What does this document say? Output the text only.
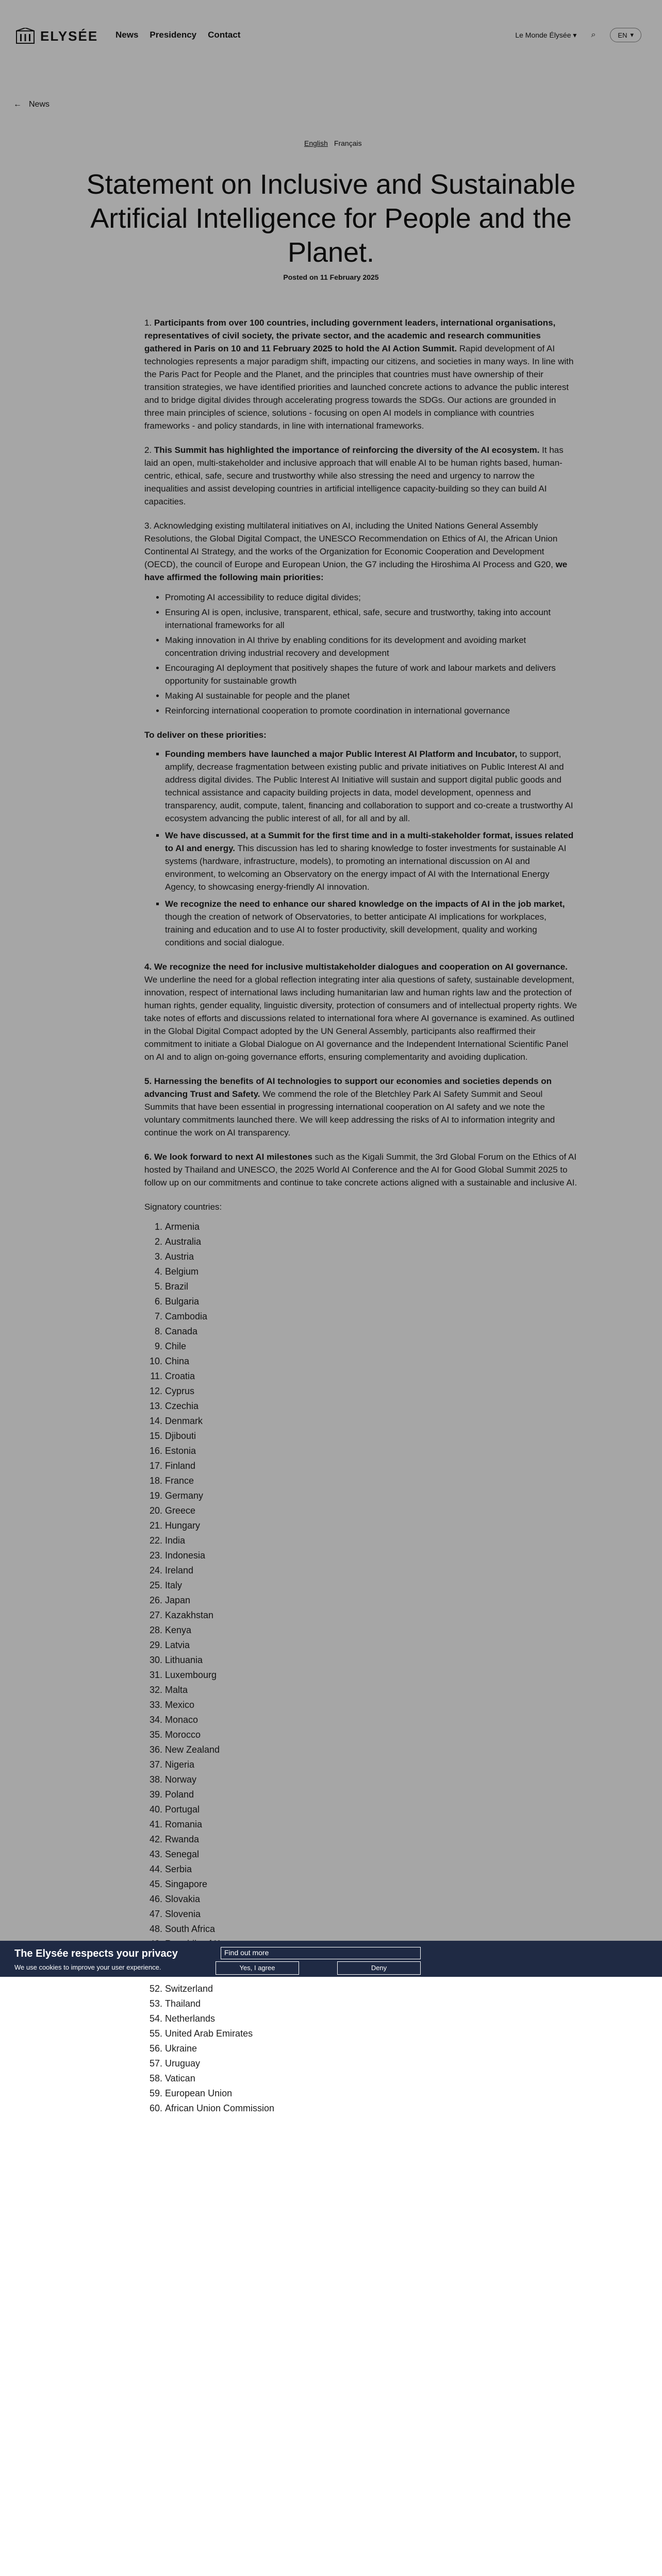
ELYSÉE News Presidency Contact	Le Monde Élysée ▾ ⌕	EN ▾
← News
English Français
Statement on Inclusive and Sustainable Artificial Intelligence for People and the Planet.
Posted on 11 February 2025

1. Participants from over 100 countries, including government leaders, international organisations, representatives of civil society, the private sector, and the academic and research communities gathered in Paris on 10 and 11 February 2025 to hold the AI Action Summit. Rapid development of AI technologies represents a major paradigm shift, impacting our citizens, and societies in many ways. In line with the Paris Pact for People and the Planet, and the principles that countries must have ownership of their transition strategies, we have identified priorities and launched concrete actions to advance the public interest and to bridge digital divides through accelerating progress towards the SDGs. Our actions are grounded in three main principles of science, solutions - focusing on open AI models in compliance with countries frameworks - and policy standards, in line with international frameworks.

2. This Summit has highlighted the importance of reinforcing the diversity of the AI ecosystem. It has laid an open, multi-stakeholder and inclusive approach that will enable AI to be human rights based, human-centric, ethical, safe, secure and trustworthy while also stressing the need and urgency to narrow the inequalities and assist developing countries in artificial intelligence capacity-building so they can build AI capacities.

3. Acknowledging existing multilateral initiatives on AI, including the United Nations General Assembly Resolutions, the Global Digital Compact, the UNESCO Recommendation on Ethics of AI, the African Union Continental AI Strategy, and the works of the Organization for Economic Cooperation and Development (OECD), the council of Europe and European Union, the G7 including the Hiroshima AI Process and G20, we have affirmed the following main priorities:

• Promoting AI accessibility to reduce digital divides;
• Ensuring AI is open, inclusive, transparent, ethical, safe, secure and trustworthy, taking into account international frameworks for all
• Making innovation in AI thrive by enabling conditions for its development and avoiding market concentration driving industrial recovery and development
• Encouraging AI deployment that positively shapes the future of work and labour markets and delivers opportunity for sustainable growth
• Making AI sustainable for people and the planet
• Reinforcing international cooperation to promote coordination in international governance

To deliver on these priorities:

▪ Founding members have launched a major Public Interest AI Platform and Incubator, to support, amplify, decrease fragmentation between existing public and private initiatives on Public Interest AI and address digital divides. The Public Interest AI Initiative will sustain and support digital public goods and technical assistance and capacity building projects in data, model development, openness and transparency, audit, compute, talent, financing and collaboration to support and co-create a trustworthy AI ecosystem advancing the public interest of all, for all and by all.
▪ We have discussed, at a Summit for the first time and in a multi-stakeholder format, issues related to AI and energy. This discussion has led to sharing knowledge to foster investments for sustainable AI systems (hardware, infrastructure, models), to promoting an international discussion on AI and environment, to welcoming an Observatory on the energy impact of AI with the International Energy Agency, to showcasing energy-friendly AI innovation.
▪ We recognize the need to enhance our shared knowledge on the impacts of AI in the job market, though the creation of network of Observatories, to better anticipate AI implications for workplaces, training and education and to use AI to foster productivity, skill development, quality and working conditions and social dialogue.

4. We recognize the need for inclusive multistakeholder dialogues and cooperation on AI governance. We underline the need for a global reflection integrating inter alia questions of safety, sustainable development, innovation, respect of international laws including humanitarian law and human rights law and the protection of human rights, gender equality, linguistic diversity, protection of consumers and of intellectual property rights. We take notes of efforts and discussions related to international fora where AI governance is examined. As outlined in the Global Digital Compact adopted by the UN General Assembly, participants also reaffirmed their commitment to initiate a Global Dialogue on AI governance and the Independent International Scientific Panel on AI and to align on-going governance efforts, ensuring complementarity and avoiding duplication.

5. Harnessing the benefits of AI technologies to support our economies and societies depends on advancing Trust and Safety. We commend the role of the Bletchley Park AI Safety Summit and Seoul Summits that have been essential in progressing international cooperation on AI safety and we note the voluntary commitments launched there. We will keep addressing the risks of AI to information integrity and continue the work on AI transparency.

6. We look forward to next AI milestones such as the Kigali Summit, the 3rd Global Forum on the Ethics of AI hosted by Thailand and UNESCO, the 2025 World AI Conference and the AI for Good Global Summit 2025 to follow up on our commitments and continue to take concrete actions aligned with a sustainable and inclusive AI.

Signatory countries:

1. Armenia
2. Australia
3. Austria
4. Belgium
5. Brazil
6. Bulgaria
7. Cambodia
8. Canada
9. Chile
10. China
11. Croatia
12. Cyprus
13. Czechia
14. Denmark
15. Djibouti
16. Estonia
17. Finland
18. France
19. Germany
20. Greece
21. Hungary
22. India
23. Indonesia
24. Ireland
25. Italy
26. Japan
27. Kazakhstan
28. Kenya
29. Latvia
30. Lithuania
31. Luxembourg
32. Malta
33. Mexico
34. Monaco
35. Morocco
36. New Zealand
37. Nigeria
38. Norway
39. Poland
40. Portugal
41. Romania
42. Rwanda
43. Senegal
44. Serbia
45. Singapore
46. Slovakia
47. Slovenia
48. South Africa
49.
50.
51.
52. Switzerland
53. Thailand
54. Netherlands
55. United Arab Emirates
56. Ukraine
57. Uruguay
58. Vatican
59. European Union
60. African Union Commission
The Elysée respects your privacy
We use cookies to improve your user experience.
Find out more
Yes, I agree	Deny
